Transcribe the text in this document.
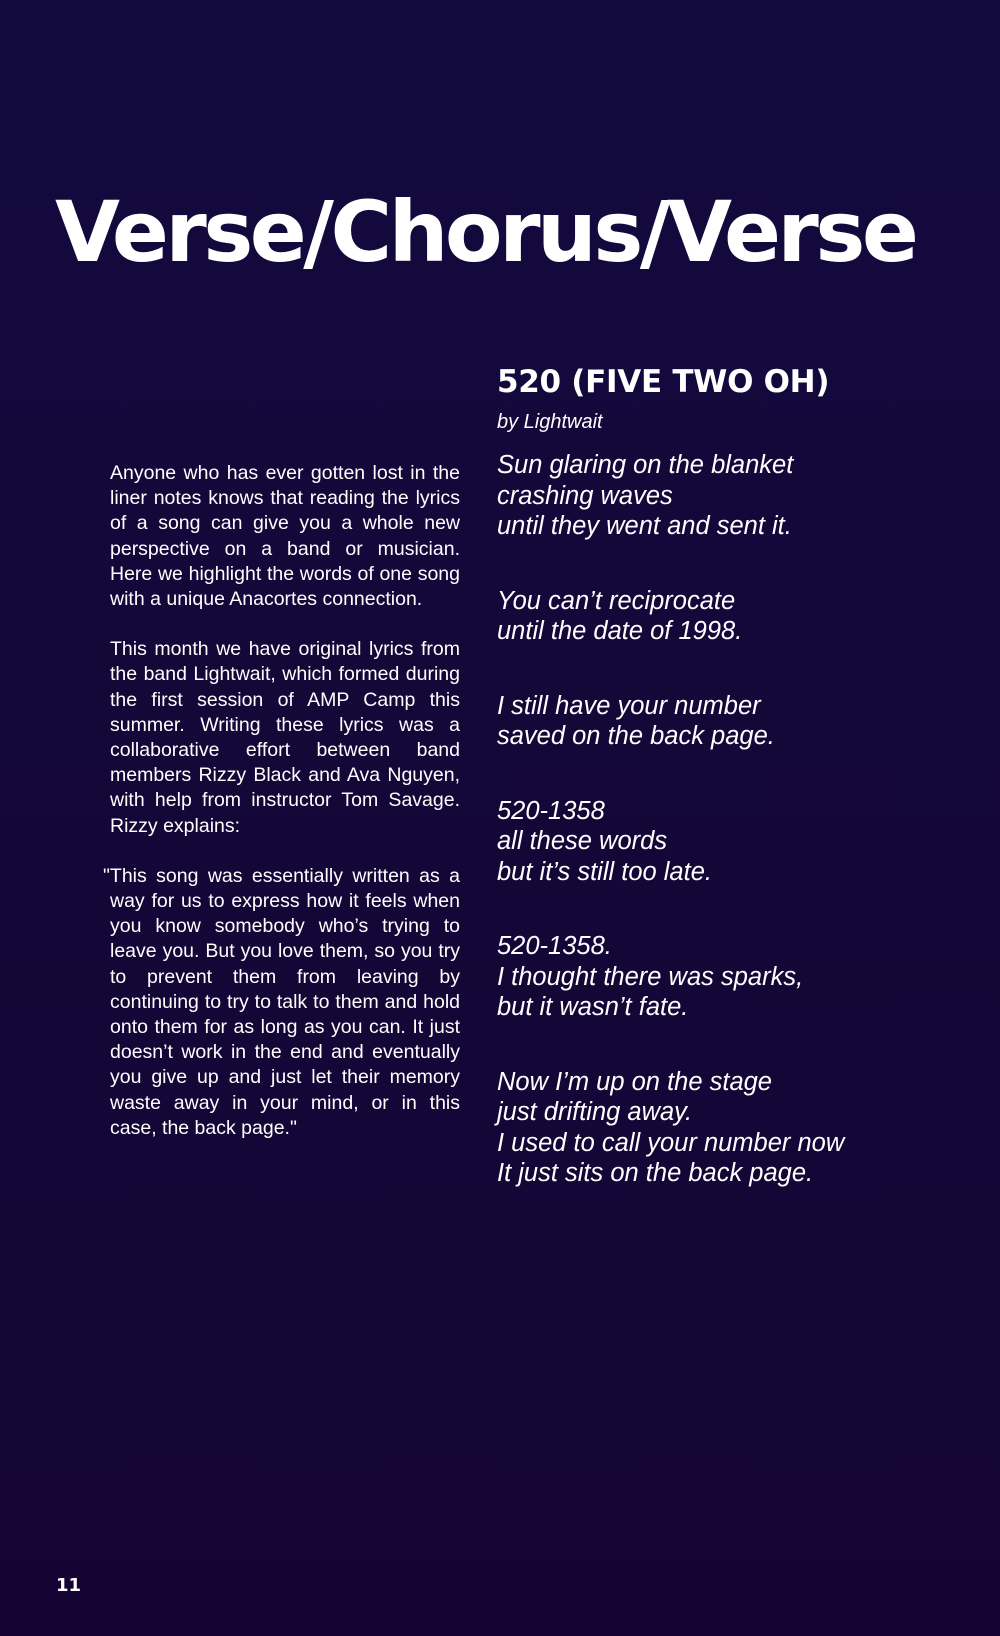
Verse/Chorus/Verse

Anyone who has ever gotten lost in the liner notes knows that reading the lyrics of a song can give you a whole new perspective on a band or musician. Here we highlight the words of one song with a unique Anacortes connection.

This month we have original lyrics from the band Lightwait, which formed during the first session of AMP Camp this summer. Writing these lyrics was a collaborative effort between band members Rizzy Black and Ava Nguyen, with help from instructor Tom Savage. Rizzy explains:

"This song was essentially written as a way for us to express how it feels when you know somebody who’s trying to leave you. But you love them, so you try to prevent them from leaving by continuing to try to talk to them and hold onto them for as long as you can. It just doesn’t work in the end and eventually you give up and just let their memory waste away in your mind, or in this case, the back page."

520 (FIVE TWO OH)

by Lightwait

Sun glaring on the blanket
crashing waves
until they went and sent it.

You can’t reciprocate
until the date of 1998.

I still have your number
saved on the back page.

520-1358
all these words
but it’s still too late.

520-1358.
I thought there was sparks,
but it wasn’t fate.

Now I’m up on the stage
just drifting away.
I used to call your number now
It just sits on the back page.

11
